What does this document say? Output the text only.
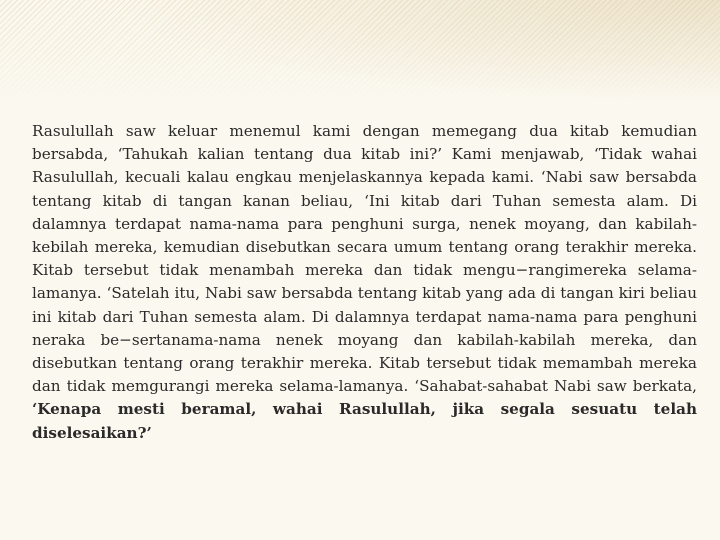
Rasulullah saw keluar menemul kami dengan memegang dua kitab kemudian bersabda, ‘Tahukah kalian tentang dua kitab ini?’ Kami menjawab, ‘Tidak wahai Rasulullah, kecuali kalau engkau menjelaskannya kepada kami. ‘Nabi saw bersabda tentang kitab di tangan kanan beliau, ‘Ini kitab dari Tuhan semesta alam. Di dalamnya terdapat nama-nama para penghuni surga, nenek moyang, dan kabilah-kebilah mereka, kemudian disebutkan secara umum tentang orang terakhir mereka. Kitab tersebut tidak menambah mereka dan tidak mengu−rangimereka selama-lamanya. ‘Satelah itu, Nabi saw bersabda tentang kitab yang ada di tangan kiri beliau ini kitab dari Tuhan semesta alam. Di dalamnya terdapat nama-nama para penghuni neraka be−sertanama-nama nenek moyang dan kabilah-kabilah mereka, dan disebutkan tentang orang terakhir mereka. Kitab tersebut tidak memambah mereka dan tidak memgurangi mereka selama-lamanya. ‘Sahabat-sahabat Nabi saw berkata, ‘Kenapa mesti beramal, wahai Rasulullah, jika segala sesuatu telah diselesaikan?’
